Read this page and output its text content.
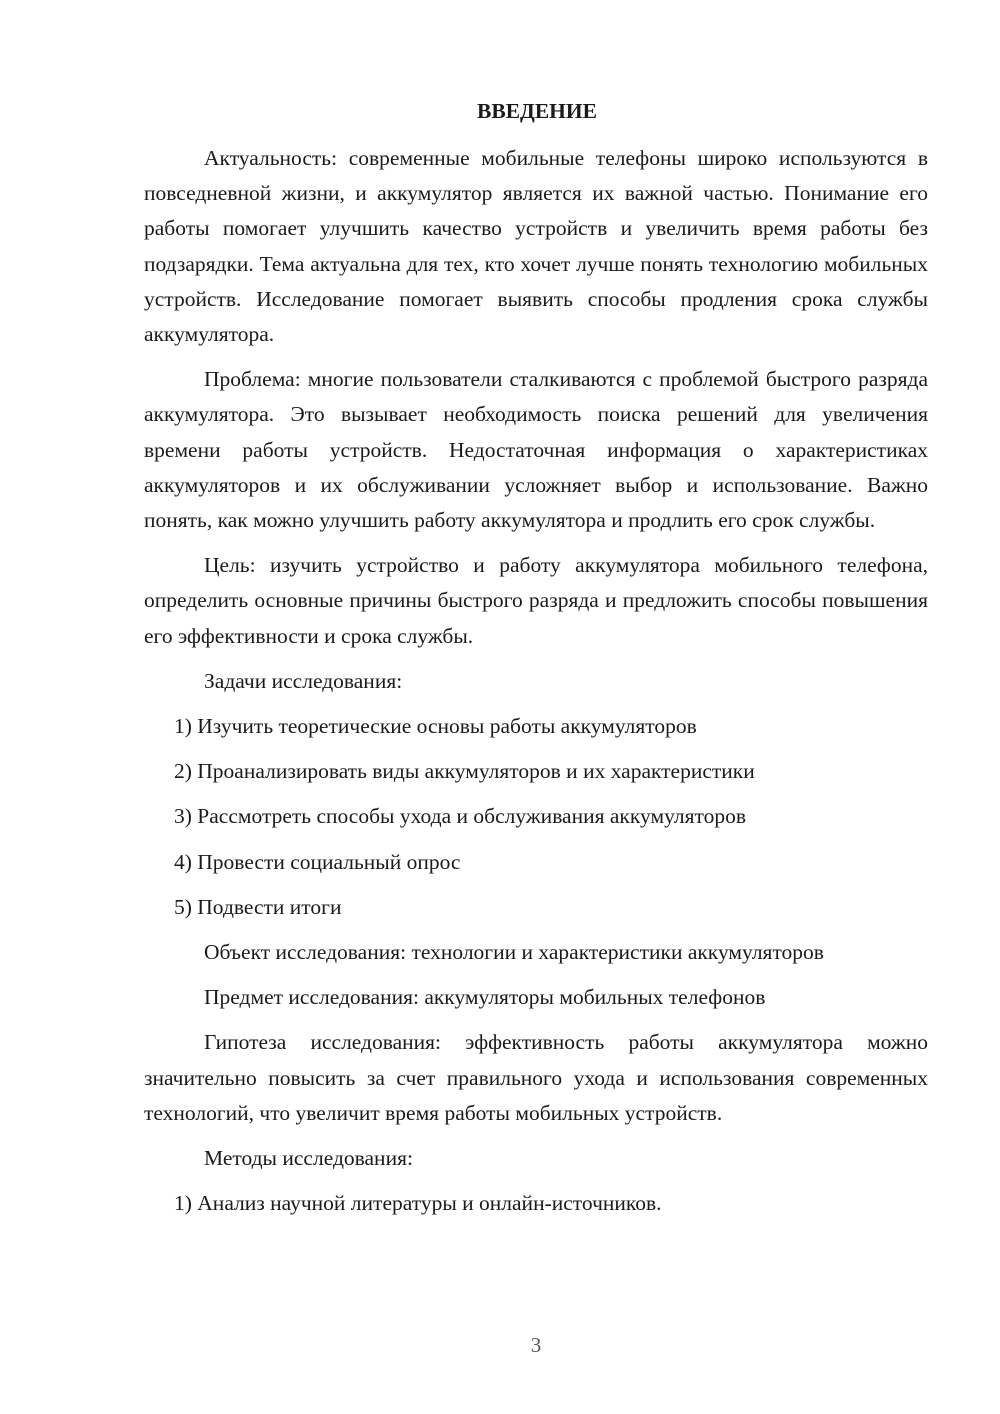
ВВЕДЕНИЕ

Актуальность: современные мобильные телефоны широко используются в повседневной жизни, и аккумулятор является их важной частью. Понимание его работы помогает улучшить качество устройств и увеличить время работы без подзарядки. Тема актуальна для тех, кто хочет лучше понять технологию мобильных устройств. Исследование помогает выявить способы продления срока службы аккумулятора.

Проблема: многие пользователи сталкиваются с проблемой быстрого разряда аккумулятора. Это вызывает необходимость поиска решений для увеличения времени работы устройств. Недостаточная информация о характеристиках аккумуляторов и их обслуживании усложняет выбор и использование. Важно понять, как можно улучшить работу аккумулятора и продлить его срок службы.

Цель: изучить устройство и работу аккумулятора мобильного телефона, определить основные причины быстрого разряда и предложить способы повышения его эффективности и срока службы.

Задачи исследования:
1) Изучить теоретические основы работы аккумуляторов
2) Проанализировать виды аккумуляторов и их характеристики
3) Рассмотреть способы ухода и обслуживания аккумуляторов
4) Провести социальный опрос
5) Подвести итоги
Объект исследования: технологии и характеристики аккумуляторов
Предмет исследования: аккумуляторы мобильных телефонов

Гипотеза исследования: эффективность работы аккумулятора можно значительно повысить за счет правильного ухода и использования современных технологий, что увеличит время работы мобильных устройств.

Методы исследования:
1) Анализ научной литературы и онлайн-источников.
3
